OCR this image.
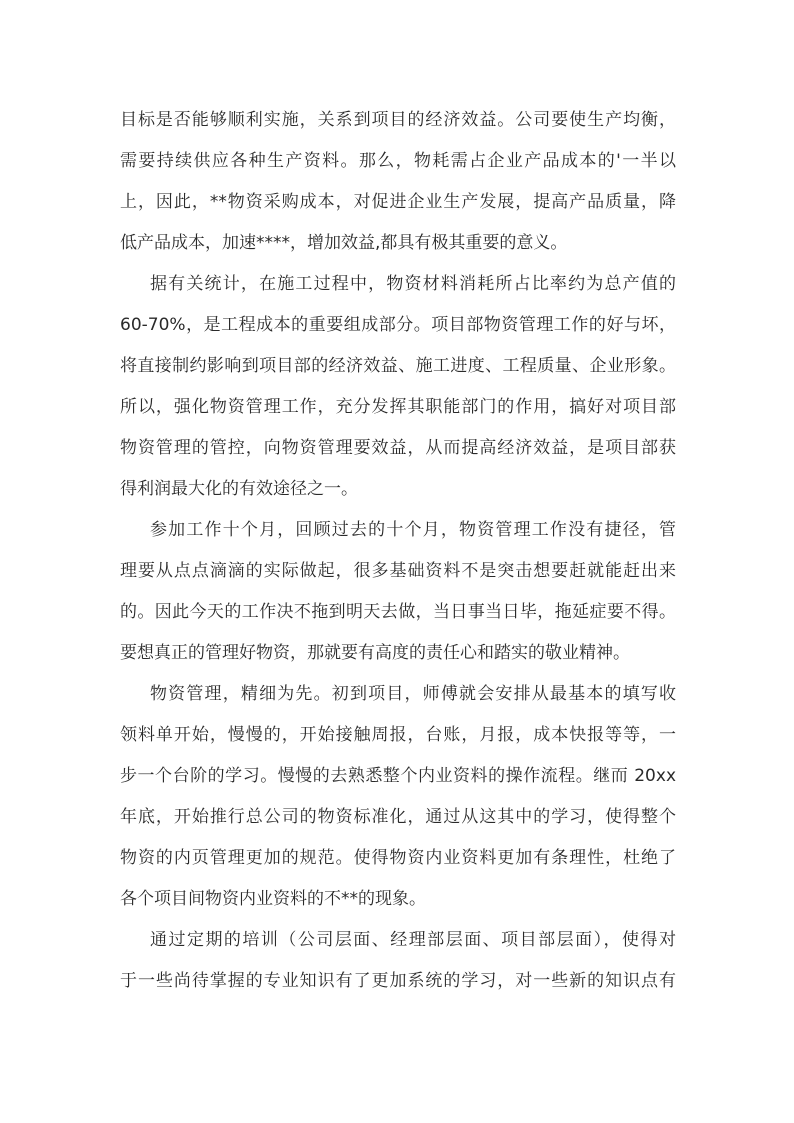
目标是否能够顺利实施，关系到项目的经济效益。公司要使生产均衡，
需要持续供应各种生产资料。那么，物耗需占企业产品成本的'一半以
上，因此，**物资采购成本，对促进企业生产发展，提高产品质量，降
低产品成本，加速****，增加效益,都具有极其重要的意义。
据有关统计，在施工过程中，物资材料消耗所占比率约为总产值的
60-70%，是工程成本的重要组成部分。项目部物资管理工作的好与坏，
将直接制约影响到项目部的经济效益、施工进度、工程质量、企业形象。
所以，强化物资管理工作，充分发挥其职能部门的作用，搞好对项目部
物资管理的管控，向物资管理要效益，从而提高经济效益，是项目部获
得利润最大化的有效途径之一。
参加工作十个月，回顾过去的十个月，物资管理工作没有捷径，管
理要从点点滴滴的实际做起，很多基础资料不是突击想要赶就能赶出来
的。因此今天的工作决不拖到明天去做，当日事当日毕，拖延症要不得。
要想真正的管理好物资，那就要有高度的责任心和踏实的敬业精神。
物资管理，精细为先。初到项目，师傅就会安排从最基本的填写收
领料单开始，慢慢的，开始接触周报，台账，月报，成本快报等等，一
步一个台阶的学习。慢慢的去熟悉整个内业资料的操作流程。继而 20xx
年底，开始推行总公司的物资标准化，通过从这其中的学习，使得整个
物资的内页管理更加的规范。使得物资内业资料更加有条理性，杜绝了
各个项目间物资内业资料的不**的现象。
通过定期的培训（公司层面、经理部层面、项目部层面），使得对
于一些尚待掌握的专业知识有了更加系统的学习，对一些新的知识点有
